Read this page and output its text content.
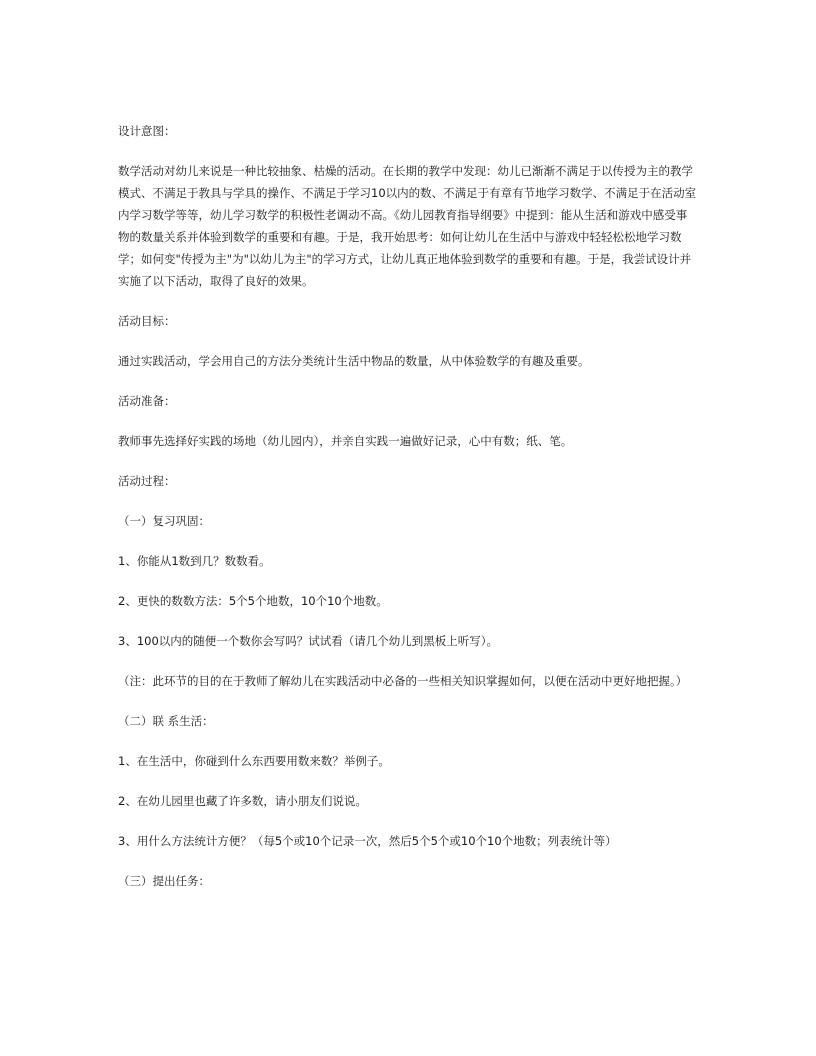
设计意图：

数学活动对幼儿来说是一种比较抽象、枯燥的活动。在长期的教学中发现：幼儿已渐渐不满足于以传授为主的教学模式、不满足于教具与学具的操作、不满足于学习10以内的数、不满足于有章有节地学习数学、不满足于在活动室内学习数学等等，幼儿学习数学的积极性老调动不高。《幼儿园教育指导纲要》中提到：能从生活和游戏中感受事物的数量关系并体验到数学的重要和有趣。于是，我开始思考：如何让幼儿在生活中与游戏中轻轻松松地学习数学；如何变"传授为主"为"以幼儿为主"的学习方式，让幼儿真正地体验到数学的重要和有趣。于是，我尝试设计并实施了以下活动，取得了良好的效果。

活动目标：

通过实践活动，学会用自己的方法分类统计生活中物品的数量，从中体验数学的有趣及重要。

活动准备：

教师事先选择好实践的场地（幼儿园内），并亲自实践一遍做好记录，心中有数；纸、笔。

活动过程：

（一）复习巩固：

1、你能从1数到几？数数看。

2、更快的数数方法：5个5个地数，10个10个地数。

3、100以内的随便一个数你会写吗？试试看（请几个幼儿到黑板上听写）。

（注：此环节的目的在于教师了解幼儿在实践活动中必备的一些相关知识掌握如何，以便在活动中更好地把握。）

（二）联 系生活：

1、在生活中，你碰到什么东西要用数来数？举例子。

2、在幼儿园里也藏了许多数，请小朋友们说说。

3、用什么方法统计方便？（每5个或10个记录一次，然后5个5个或10个10个地数；列表统计等）

（三）提出任务：
